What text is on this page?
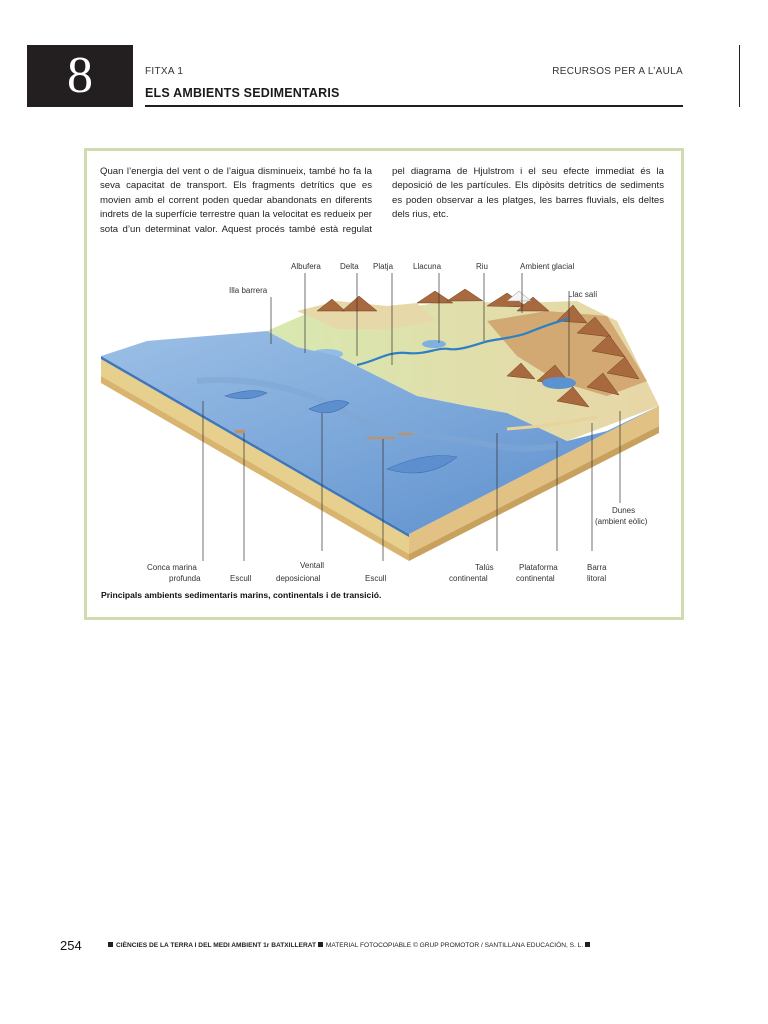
8	FITXA 1	RECURSOS PER A L’AULA
ELS AMBIENTS SEDIMENTARIS
Quan l’energia del vent o de l’aigua disminueix, també ho fa la seva capacitat de transport. Els fragments detrítics que es movien amb el corrent poden quedar abandonats en diferents indrets de la superfície terrestre quan la velocitat es redueix per sota d’un determinat valor. Aquest procés també està regulat pel diagrama de Hjulstrom i el seu efecte immediat és la deposició de les partícules. Els dipòsits detrítics de sediments es poden observar a les platges, les barres fluvials, els deltes dels rius, etc.
Albufera Delta Platja Llacuna	Riu	Ambient glacial
Illa barrera	Llac salí
Dunes
(ambient eòlic)
Conca marina
profunda	Escull
Ventall
deposicional	Escull
Talús
continental
Plataforma
continental
Barra
litoral
Principals ambients sedimentaris marins, continentals i de transició.
254	CIÈNCIES DE LA TERRA I DEL MEDI AMBIENT 1r BATXILLERAT MATERIAL FOTOCOPIABLE © GRUP PROMOTOR / SANTILLANA EDUCACIÓN, S. L.
